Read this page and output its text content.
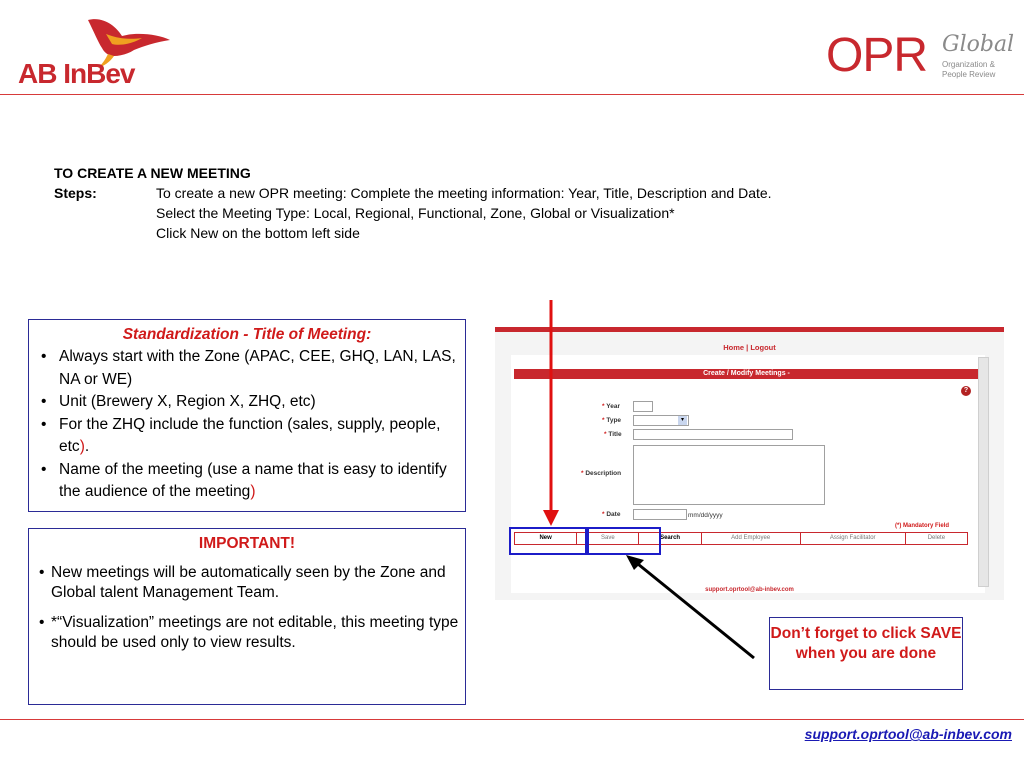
AB InBev	OPR Global
Organization &
People Review
TO CREATE A NEW MEETING
Steps:	To create a new OPR meeting: Complete the meeting information: Year, Title, Description and Date.
Select the Meeting Type: Local, Regional, Functional, Zone, Global or Visualization*
Click New on the bottom left side
Standardization - Title of Meeting:
• Always start with the Zone (APAC, CEE, GHQ, LAN, LAS, NA or WE)
• Unit (Brewery X, Region X, ZHQ, etc)
• For the ZHQ include the function (sales, supply, people, etc).
• Name of the meeting (use a name that is easy to identify the audience of the meeting)
IMPORTANT!
• New meetings will be automatically seen by the Zone and Global talent Management Team.
• *“Visualization” meetings are not editable, this meeting type should be used only to view results.
Don’t forget to click SAVE when you are done
Home | Logout
Create / Modify Meetings -
?
* Year
* Type	▾
* Title
* Description
* Date	mm/dd/yyyy
(*) Mandatory Field
New	Save	Search	Add Employee	Assign Facilitator	Delete
support.oprtool@ab-inbev.com
support.oprtool@ab-inbev.com
